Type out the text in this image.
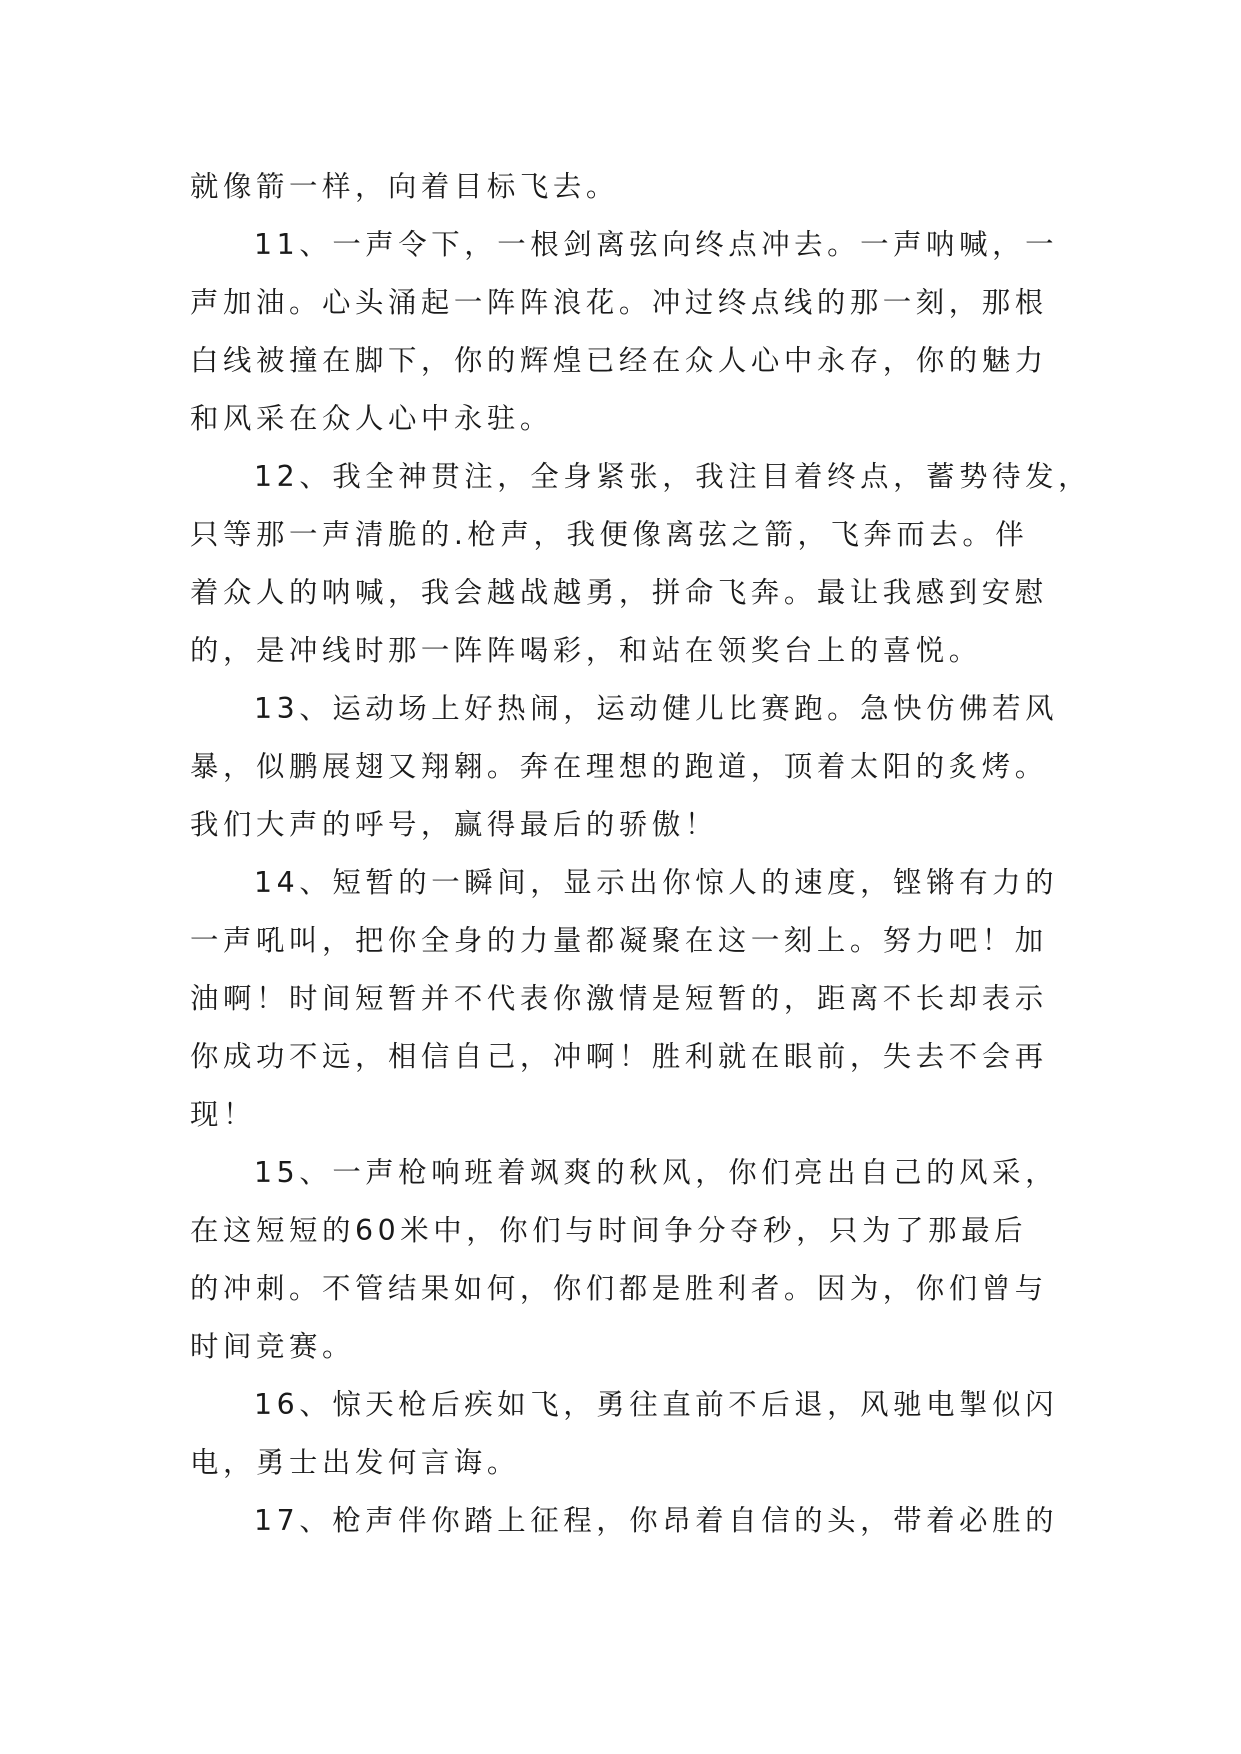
就像箭一样，向着目标飞去。
11、一声令下，一根剑离弦向终点冲去。一声呐喊，一
声加油。心头涌起一阵阵浪花。冲过终点线的那一刻，那根
白线被撞在脚下，你的辉煌已经在众人心中永存，你的魅力
和风采在众人心中永驻。
12、我全神贯注，全身紧张，我注目着终点，蓄势待发，
只等那一声清脆的.枪声，我便像离弦之箭，飞奔而去。伴
着众人的呐喊，我会越战越勇，拼命飞奔。最让我感到安慰
的，是冲线时那一阵阵喝彩，和站在领奖台上的喜悦。
13、运动场上好热闹，运动健儿比赛跑。急快仿佛若风
暴，似鹏展翅又翔翱。奔在理想的跑道，顶着太阳的炙烤。
我们大声的呼号，赢得最后的骄傲！
14、短暂的一瞬间，显示出你惊人的速度，铿锵有力的
一声吼叫，把你全身的力量都凝聚在这一刻上。努力吧！加
油啊！时间短暂并不代表你激情是短暂的，距离不长却表示
你成功不远，相信自己，冲啊！胜利就在眼前，失去不会再
现！
15、一声枪响班着飒爽的秋风，你们亮出自己的风采，
在这短短的60米中，你们与时间争分夺秒，只为了那最后
的冲刺。不管结果如何，你们都是胜利者。因为，你们曾与
时间竞赛。
16、惊天枪后疾如飞，勇往直前不后退，风驰电掣似闪
电，勇士出发何言诲。
17、枪声伴你踏上征程，你昂着自信的头，带着必胜的
